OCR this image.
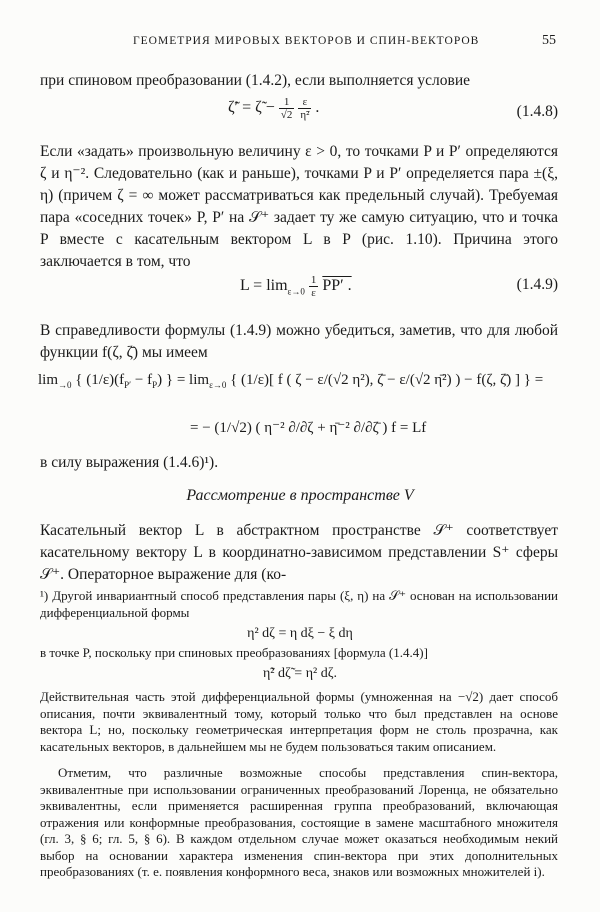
ГЕОМЕТРИЯ МИРОВЫХ ВЕКТОРОВ И СПИН-ВЕКТОРОВ	55
при спиновом преобразовании (1.4.2), если выполняется условие
ζ̃′ = ζ̃ − $\frac{1}{√2}$
$\frac{\varepsilon}{\text{η̃²}}$ .	(1.4.8)
Если «задать» произвольную величину ε > 0, то точками P и P′ определяются ζ и η⁻². Следовательно (как и раньше), точками P и P′ определяется пара ±(ξ, η) (причем ζ = ∞ может рассматриваться как предельный случай). Требуемая пара «соседних точек» P, P′ на 𝒮⁺ задает ту же самую ситуацию, что и точка P вместе с касательным вектором L в P (рис. 1.10). Причина этого заключается в том, что
$L = \lim_{\varepsilon\to 0} \frac{1}{\varepsilon} PP'$ .	(1.4.9)
В справедливости формулы (1.4.9) можно убедиться, заметив, что для любой функции f(ζ, ζ̄) мы имеем
$\lim_{\to 0}$ { $(1/\varepsilon)(f_{P'} - f_P)$ } = $\lim_{\varepsilon\to 0}$ { (1/ε)[ f ( ζ − ε/(√2 η²), ζ̄ − ε/(√2 η̄²) ) − f(ζ, ζ̄) ] } =
= − (1/√2) ( η⁻² ∂/∂ζ + η̄⁻² ∂/∂ζ̄ ) f = Lf
в силу выражения (1.4.6)¹).
Рассмотрение в пространстве V
Касательный вектор L в абстрактном пространстве 𝒮⁺ соответствует касательному вектору L в координатно-зависимом представлении S⁺ сферы 𝒮⁺. Операторное выражение для (ко-
¹) Другой инвариантный способ представления пары (ξ, η) на 𝒮⁺ основан на использовании дифференциальной формы
η² dζ = η dξ − ξ dη
в точке P, поскольку при спиновых преобразованиях [формула (1.4.4)]
η̃² dζ̃ = η² dζ.
Действительная часть этой дифференциальной формы (умноженная на −√2) дает способ описания, почти эквивалентный тому, который только что был представлен на основе вектора L; но, поскольку геометрическая интерпретация форм не столь прозрачна, как касательных векторов, в дальнейшем мы не будем пользоваться таким описанием.
Отметим, что различные возможные способы представления спин-вектора, эквивалентные при использовании ограниченных преобразований Лоренца, не обязательно эквивалентны, если применяется расширенная группа преобразований, включающая отражения или конформные преобразования, состоящие в замене масштабного множителя (гл. 3, § 6; гл. 5, § 6). В каждом отдельном случае может оказаться необходимым некий выбор на основании характера изменения спин-вектора при этих дополнительных преобразованиях (т. е. появления конформного веса, знаков или возможных множителей i).
